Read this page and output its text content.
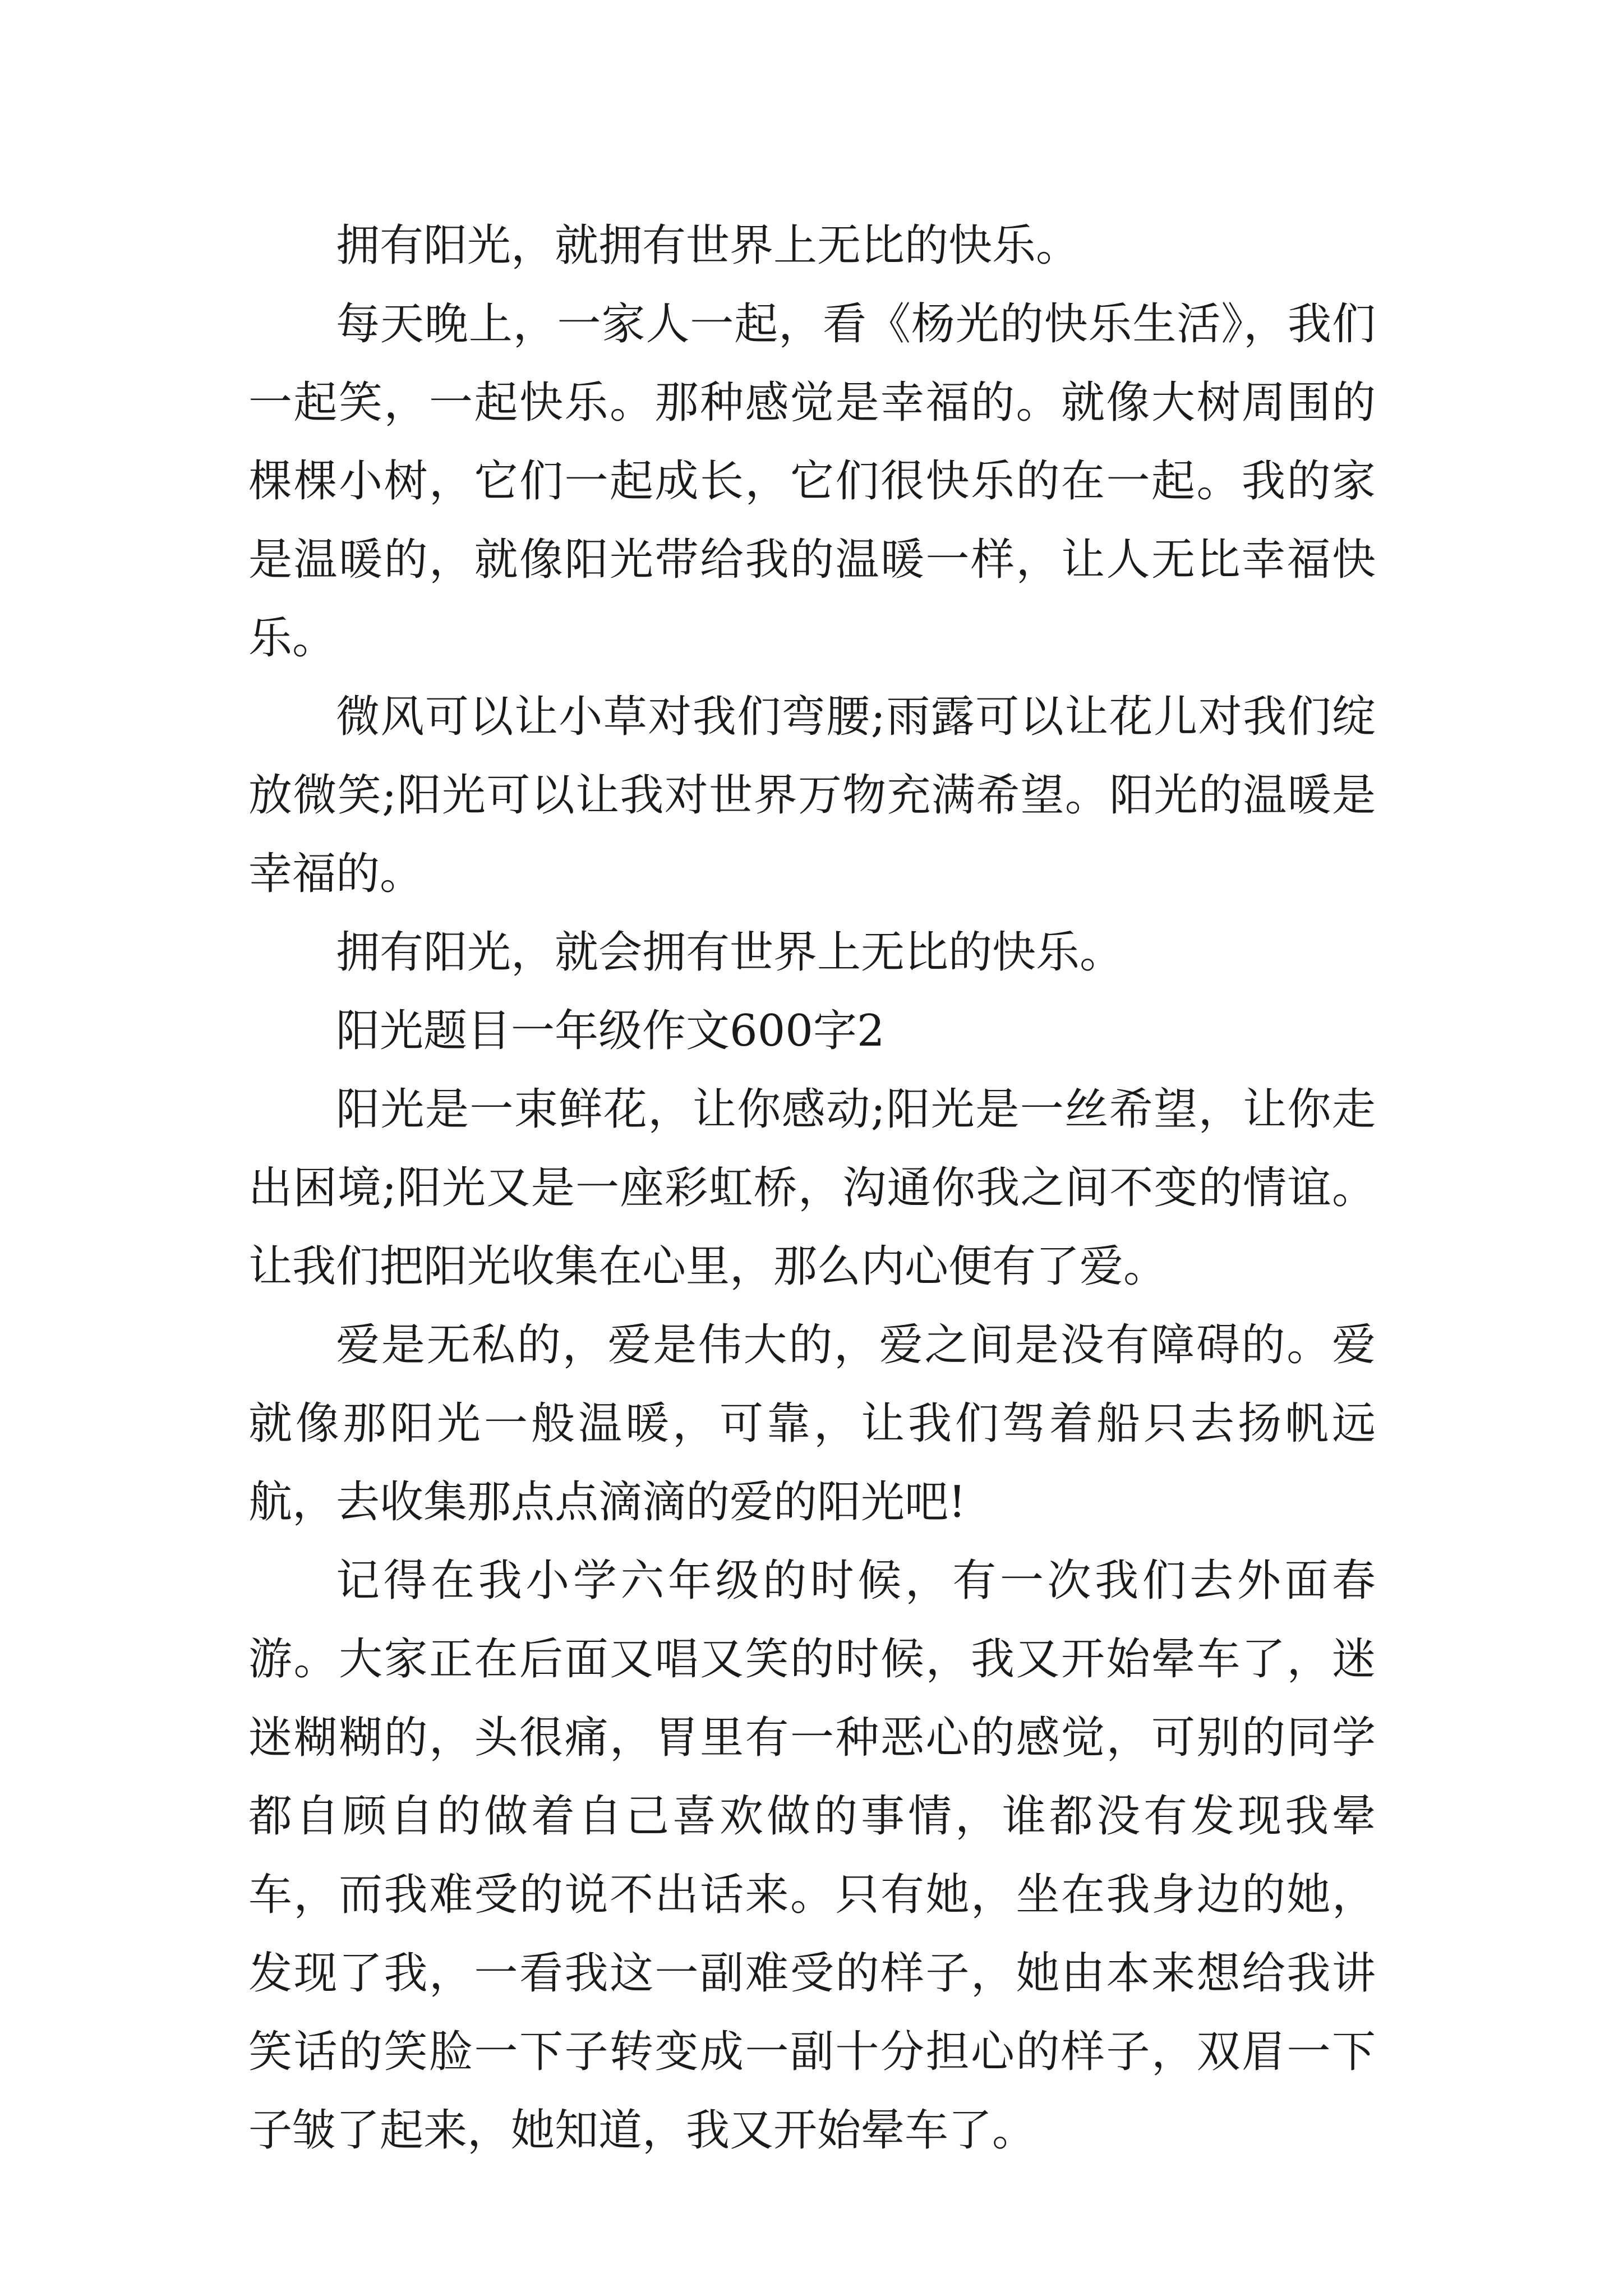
拥有阳光，就拥有世界上无比的快乐。

每天晚上，一家人一起，看《杨光的快乐生活》，我们一起笑，一起快乐。那种感觉是幸福的。就像大树周围的棵棵小树，它们一起成长，它们很快乐的在一起。我的家是温暖的，就像阳光带给我的温暖一样，让人无比幸福快乐。

微风可以让小草对我们弯腰;雨露可以让花儿对我们绽放微笑;阳光可以让我对世界万物充满希望。阳光的温暖是幸福的。

拥有阳光，就会拥有世界上无比的快乐。

阳光题目一年级作文600字2

阳光是一束鲜花，让你感动;阳光是一丝希望，让你走出困境;阳光又是一座彩虹桥，沟通你我之间不变的情谊。让我们把阳光收集在心里，那么内心便有了爱。

爱是无私的，爱是伟大的，爱之间是没有障碍的。爱就像那阳光一般温暖，可靠，让我们驾着船只去扬帆远航，去收集那点点滴滴的爱的阳光吧!

记得在我小学六年级的时候，有一次我们去外面春游。大家正在后面又唱又笑的时候，我又开始晕车了，迷迷糊糊的，头很痛，胃里有一种恶心的感觉，可别的同学都自顾自的做着自己喜欢做的事情，谁都没有发现我晕车，而我难受的说不出话来。只有她，坐在我身边的她，发现了我，一看我这一副难受的样子，她由本来想给我讲笑话的笑脸一下子转变成一副十分担心的样子，双眉一下子皱了起来，她知道，我又开始晕车了。
